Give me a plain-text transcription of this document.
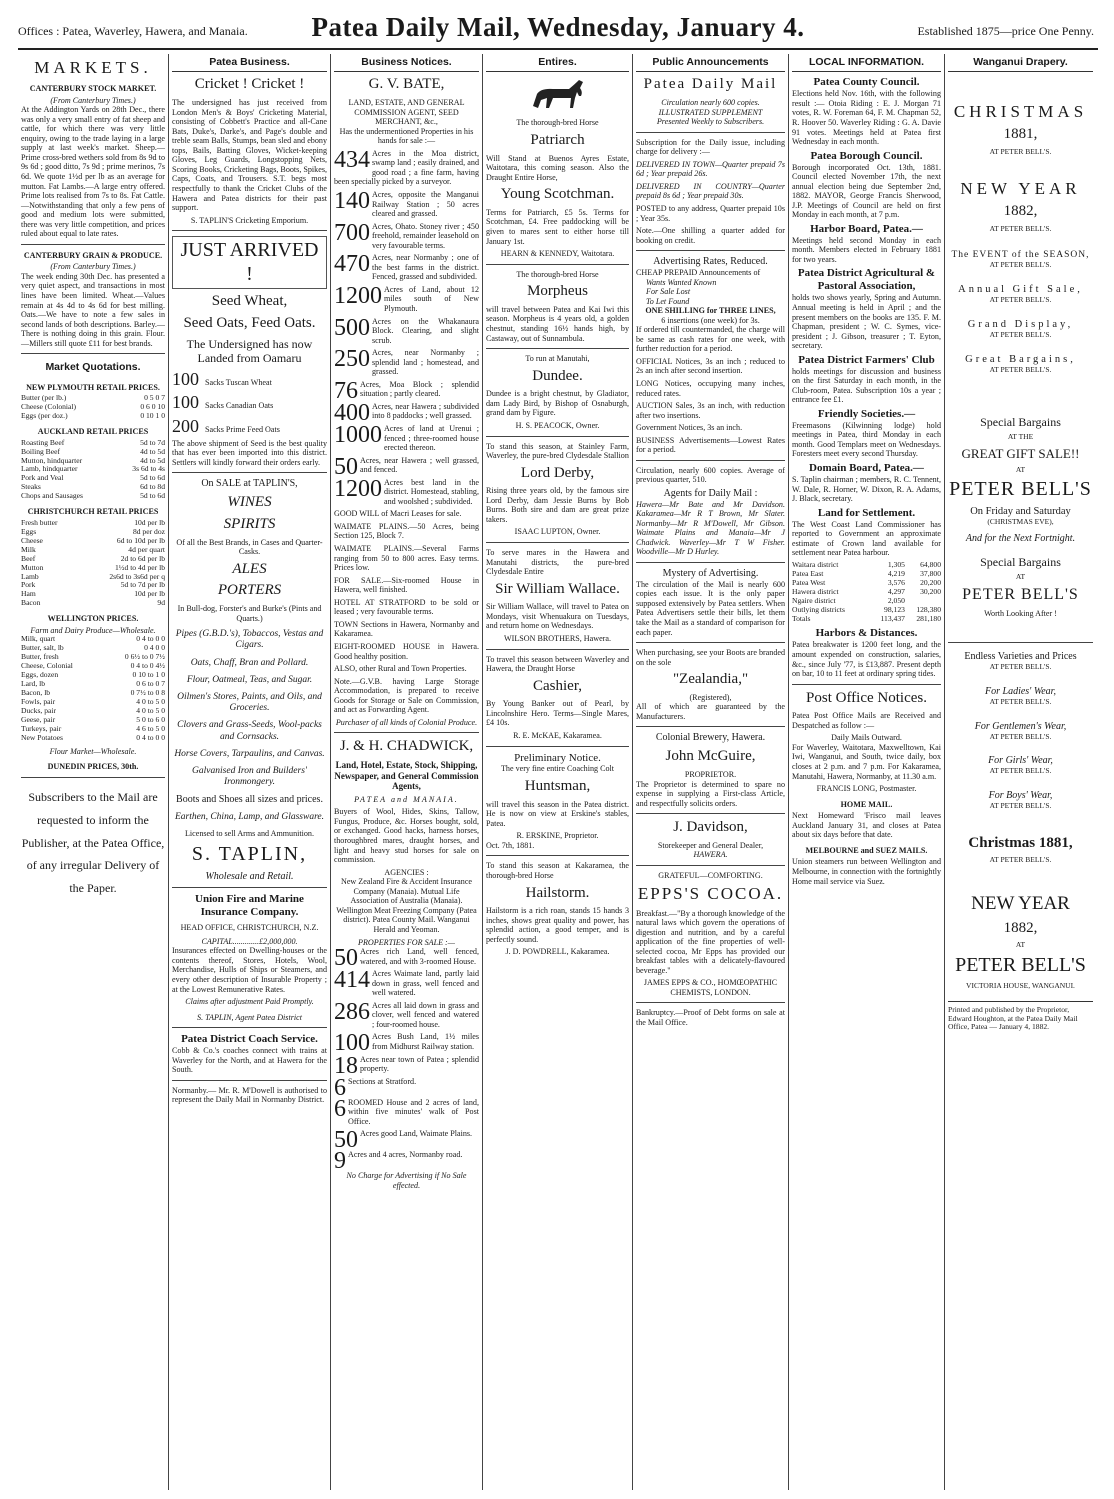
Offices : Patea, Waverley, Hawera, and Manaia.	Patea Daily Mail, Wednesday, January 4.	Established 1875—price One Penny.
MARKETS.
CANTERBURY STOCK MARKET.
(From Canterbury Times.)

At the Addington Yards on 28th Dec., there was only a very small entry of fat sheep and cattle, for which there was very little enquiry, owing to the trade laying in a large supply at last week's market. Sheep.—Prime cross-bred wethers sold from 8s 9d to 9s 6d ; good ditto, 7s 9d ; prime merinos, 7s 6d. We quote 1½d per lb as an average for mutton. Fat Lambs.—A large entry offered. Prime lots realised from 7s to 8s. Fat Cattle.—Notwithstanding that only a few pens of good and medium lots were submitted, there was very little competition, and prices ruled about equal to late rates.

CANTERBURY GRAIN & PRODUCE.
(From Canterbury Times.)

The week ending 30th Dec. has presented a very quiet aspect, and transactions in most lines have been limited. Wheat.—Values remain at 4s 4d to 4s 6d for best milling. Oats.—We have to note a few sales in second lands of both descriptions. Barley.—There is nothing doing in this grain. Flour.—Millers still quote £11 for best brands.

Market Quotations.
NEW PLYMOUTH RETAIL PRICES.
Butter (per lb.)	0 5 0 7
Cheese (Colonial)	0 6 0 10
Eggs (per doz.)	0 10 1 0
AUCKLAND RETAIL PRICES
Roasting Beef	5d to 7d
Boiling Beef	4d to 5d
Mutton, hindquarter	4d to 5d
Lamb, hindquarter	3s 6d to 4s
Pork and Veal	5d to 6d
Steaks	6d to 8d
Chops and Sausages	5d to 6d
CHRISTCHURCH RETAIL PRICES
Fresh butter	10d per lb
Eggs	8d per doz
Cheese	6d to 10d per lb
Milk	4d per quart
Beef	2d to 6d per lb
Mutton	1½d to 4d per lb
Lamb	2s6d to 3s6d per q
Pork	5d to 7d per lb
Ham	10d per lb
Bacon	9d
WELLINGTON PRICES.
Farm and Dairy Produce—Wholesale.
Milk, quart	0 4 to 0 0
Butter, salt, lb	0 4 0 0
Butter, fresh	0 6½ to 0 7½
Cheese, Colonial	0 4 to 0 4½
Eggs, dozen	0 10 to 1 0
Lard, lb	0 6 to 0 7
Bacon, lb	0 7½ to 0 8
Fowls, pair	4 0 to 5 0
Ducks, pair	4 0 to 5 0
Geese, pair	5 0 to 6 0
Turkeys, pair	4 6 to 5 0
New Potatoes	0 4 to 0 0
Flour Market—Wholesale.
DUNEDIN PRICES, 30th.
Subscribers to the Mail are requested to inform the Publisher, at the Patea Office, of any irregular Delivery of the Paper.
Patea Business.
Cricket ! Cricket !

The undersigned has just received from London Men's & Boys' Cricketing Material, consisting of Cobbett's Practice and all-Cane Bats, Duke's, Darke's, and Page's double and treble seam Balls, Stumps, bean sled and ebony tops, Bails, Batting Gloves, Wicket-keeping Gloves, Leg Guards, Longstopping Nets, Scoring Books, Cricketing Bags, Boots, Spikes, Caps, Coats, and Trousers. S.T. begs most respectfully to thank the Cricket Clubs of the Hawera and Patea districts for their past support.

S. TAPLIN'S Cricketing Emporium.
JUST ARRIVED !
Seed Wheat,
Seed Oats, Feed Oats.
The Undersigned has now Landed from Oamaru
100 Sacks Tuscan Wheat
100 Sacks Canadian Oats
200 Sacks Prime Feed Oats

The above shipment of Seed is the best quality that has ever been imported into this district. Settlers will kindly forward their orders early.

On SALE at TAPLIN'S,
WINES
SPIRITS
Of all the Best Brands, in Cases and Quarter-Casks.
ALES
PORTERS
In Bull-dog, Forster's and Burke's (Pints and Quarts.)
Pipes (G.B.D.'s), Tobaccos, Vestas and Cigars.
Oats, Chaff, Bran and Pollard.
Flour, Oatmeal, Teas, and Sugar.
Oilmen's Stores, Paints, and Oils, and Groceries.
Clovers and Grass-Seeds, Wool-packs and Cornsacks.
Horse Covers, Tarpaulins, and Canvas.
Galvanised Iron and Builders' Ironmongery.
Boots and Shoes all sizes and prices.
Earthen, China, Lamp, and Glassware.
Licensed to sell Arms and Ammunition.
S. TAPLIN,
Wholesale and Retail.
Union Fire and Marine Insurance Company.
HEAD OFFICE, CHRISTCHURCH, N.Z.
CAPITAL.............£2,000,000.

Insurances effected on Dwelling-houses or the contents thereof, Stores, Hotels, Wool, Merchandise, Hulls of Ships or Steamers, and every other description of Insurable Property ; at the Lowest Remunerative Rates.

Claims after adjustment Paid Promptly.
S. TAPLIN, Agent Patea District
Patea District Coach Service.

Cobb & Co.'s coaches connect with trains at Waverley for the North, and at Hawera for the South.

Normanby.— Mr. R. M'Dowell is authorised to represent the Daily Mail in Normanby District.

Business Notices.
G. V. BATE,
LAND, ESTATE, AND GENERAL COMMISSION AGENT, SEED MERCHANT, &c.,
Has the undermentioned Properties in his hands for sale :—

434 Acres in the Moa district, swamp land ; easily drained, and good road ; a fine farm, having been specially picked by a surveyor.

140 Acres, opposite the Manganui Railway Station ; 50 acres cleared and grassed.

700 Acres, Ohato. Stoney river ; 450 freehold, remainder leasehold on very favourable terms.

470 Acres, near Normanby ; one of the best farms in the district. Fenced, grassed and subdivided.

1200 Acres of Land, about 12 miles south of New Plymouth.

500 Acres on the Whakanaura Block. Clearing, and slight scrub.

250 Acres, near Normanby ; splendid land ; homestead, and grassed.

76 Acres, Moa Block ; splendid situation ; partly cleared.

400 Acres, near Hawera ; subdivided into 8 paddocks ; well grassed.

1000 Acres of land at Urenui ; fenced ; three-roomed house erected thereon.

50 Acres, near Hawera ; well grassed, and fenced.

1200 Acres best land in the district. Homestead, stabling, and woolshed ; subdivided.

GOOD WILL of Macri Leases for sale.

WAIMATE PLAINS.—50 Acres, being Section 125, Block 7.

WAIMATE PLAINS.—Several Farms ranging from 50 to 800 acres. Easy terms. Prices low.

FOR SALE.—Six-roomed House in Hawera, well finished.

HOTEL AT STRATFORD to be sold or leased ; very favourable terms.

TOWN Sections in Hawera, Normanby and Kakaramea.

EIGHT-ROOMED HOUSE in Hawera. Good healthy position.

ALSO, other Rural and Town Properties.

Note.—G.V.B. having Large Storage Accommodation, is prepared to receive Goods for Storage or Sale on Commission, and act as Forwarding Agent.

Purchaser of all kinds of Colonial Produce.
J. & H. CHADWICK,
Land, Hotel, Estate, Stock, Shipping, Newspaper, and General Commission Agents,
PATEA and MANAIA.

Buyers of Wool, Hides, Skins, Tallow, Fungus, Produce, &c. Horses bought, sold, or exchanged. Good hacks, harness horses, thoroughbred mares, draught horses, and light and heavy stud horses for sale on commission.

AGENCIES :

New Zealand Fire & Accident Insurance Company (Manaia). Mutual Life Association of Australia (Manaia). Wellington Meat Freezing Company (Patea district). Patea County Mail. Wanganui Herald and Yeoman.

PROPERTIES FOR SALE :—

50 Acres rich Land, well fenced, watered, and with 3-roomed House.

414 Acres Waimate land, partly laid down in grass, well fenced and well watered.

286 Acres all laid down in grass and clover, well fenced and watered ; four-roomed house.

100 Acres Bush Land, 1½ miles from Midhurst Railway station.

18 Acres near town of Patea ; splendid property.

6 Sections at Stratford.

6 ROOMED House and 2 acres of land, within five minutes' walk of Post Office.

50 Acres good Land, Waimate Plains.

9 Acres and 4 acres, Normanby road.

No Charge for Advertising if No Sale effected.
Entires.
The thorough-bred Horse
Patriarch

Will Stand at Buenos Ayres Estate, Waitotara, this coming season. Also the Draught Entire Horse,

Young Scotchman.

Terms for Patriarch, £5 5s. Terms for Scotchman, £4. Free paddocking will be given to mares sent to either horse till January 1st.

HEARN & KENNEDY, Waitotara.
The thorough-bred Horse
Morpheus

will travel between Patea and Kai Iwi this season. Morpheus is 4 years old, a golden chestnut, standing 16½ hands high, by Castaway, out of Sunnambula.

To run at Manutahi,
Dundee.

Dundee is a bright chestnut, by Gladiator, dam Lady Bird, by Bishop of Osnaburgh, grand dam by Figure.

H. S. PEACOCK, Owner.

To stand this season, at Stainley Farm, Waverley, the pure-bred Clydesdale Stallion

Lord Derby,

Rising three years old, by the famous sire Lord Derby, dam Jessie Burns by Bob Burns. Both sire and dam are great prize takers.

ISAAC LUPTON, Owner.

To serve mares in the Hawera and Manutahi districts, the pure-bred Clydesdale Entire

Sir William Wallace.

Sir William Wallace, will travel to Patea on Mondays, visit Whenuakura on Tuesdays, and return home on Wednesdays.

WILSON BROTHERS, Hawera.

To travel this season between Waverley and Hawera, the Draught Horse

Cashier,

By Young Banker out of Pearl, by Lincolnshire Hero. Terms—Single Mares, £4 10s.

R. E. McKAE, Kakaramea.
Preliminary Notice.
The very fine entire Coaching Colt
Huntsman,

will travel this season in the Patea district. He is now on view at Erskine's stables, Patea.

R. ERSKINE, Proprietor.
Oct. 7th, 1881.

To stand this season at Kakaramea, the thorough-bred Horse

Hailstorm.

Hailstorm is a rich roan, stands 15 hands 3 inches, shows great quality and power, has splendid action, a good temper, and is perfectly sound.

J. D. POWDRELL, Kakaramea.
Public Announcements
Patea Daily Mail
Circulation nearly 600 copies.
ILLUSTRATED SUPPLEMENT
Presented Weekly to Subscribers.

Subscription for the Daily issue, including charge for delivery :—

DELIVERED IN TOWN—Quarter prepaid 7s 6d ; Year prepaid 26s.

DELIVERED IN COUNTRY—Quarter prepaid 8s 6d ; Year prepaid 30s.

POSTED to any address, Quarter prepaid 10s ; Year 35s.

Note.—One shilling a quarter added for booking on credit.

Advertising Rates, Reduced.
CHEAP PREPAID Announcements of
Wants Wanted Known
For Sale Lost
To Let Found
ONE SHILLING for THREE LINES,
6 insertions (one week) for 3s.

If ordered till countermanded, the charge will be same as cash rates for one week, with further reduction for a period.

OFFICIAL Notices, 3s an inch ; reduced to 2s an inch after second insertion.

LONG Notices, occupying many inches, reduced rates.

AUCTION Sales, 3s an inch, with reduction after two insertions.

Government Notices, 3s an inch.

BUSINESS Advertisements—Lowest Rates for a period.

Circulation, nearly 600 copies. Average of previous quarter, 510.

Agents for Daily Mail :

Hawera—Mr Bate and Mr Davidson. Kakaramea—Mr R T Brown, Mr Slater. Normanby—Mr R M'Dowell, Mr Gibson. Waimate Plains and Manaia—Mr J Chadwick. Waverley—Mr T W Fisher. Woodville—Mr D Hurley.

Mystery of Advertising.

The circulation of the Mail is nearly 600 copies each issue. It is the only paper supposed extensively by Patea settlers. When Patea Advertisers settle their bills, let them take the Mail as a standard of comparison for each paper.

When purchasing, see your Boots are branded on the sole

"Zealandia,"
(Registered),

All of which are guaranteed by the Manufacturers.

Colonial Brewery, Hawera.
John McGuire,
PROPRIETOR.

The Proprietor is determined to spare no expense in supplying a First-class Article, and respectfully solicits orders.

J. Davidson,
Storekeeper and General Dealer,
HAWERA.
GRATEFUL—COMFORTING.
EPPS'S COCOA.

Breakfast.—"By a thorough knowledge of the natural laws which govern the operations of digestion and nutrition, and by a careful application of the fine properties of well-selected cocoa, Mr Epps has provided our breakfast tables with a delicately-flavoured beverage."

JAMES EPPS & CO., HOMŒOPATHIC CHEMISTS, LONDON.

Bankruptcy.—Proof of Debt forms on sale at the Mail Office.

LOCAL INFORMATION.
Patea County Council.

Elections held Nov. 16th, with the following result :— Otoia Riding : E. J. Morgan 71 votes, R. W. Foreman 64, F. M. Chapman 52, R. Hoover 50. Waverley Riding : G. A. Davie 91 votes. Meetings held at Patea first Wednesday in each month.

Patea Borough Council.

Borough incorporated Oct. 13th, 1881. Council elected November 17th, the next annual election being due September 2nd, 1882. MAYOR, George Francis Sherwood, J.P. Meetings of Council are held on first Monday in each month, at 7 p.m.

Harbor Board, Patea.—

Meetings held second Monday in each month. Members elected in February 1881 for two years.

Patea District Agricultural & Pastoral Association,

holds two shows yearly, Spring and Autumn. Annual meeting is held in April ; and the present members on the books are 135. F. M. Chapman, president ; W. C. Symes, vice-president ; J. Gibson, treasurer ; T. Eyton, secretary.

Patea District Farmers' Club

holds meetings for discussion and business on the first Saturday in each month, in the Club-room, Patea. Subscription 10s a year ; entrance fee £1.

Friendly Societies.—

Freemasons (Kilwinning lodge) hold meetings in Patea, third Monday in each month. Good Templars meet on Wednesdays. Foresters meet every second Thursday.

Domain Board, Patea.—

S. Taplin chairman ; members, R. C. Tennent, W. Dale, R. Horner, W. Dixon, R. A. Adams, J. Black, secretary.

Land for Settlement.

The West Coast Land Commissioner has reported to Government an approximate estimate of Crown land available for settlement near Patea harbour.

Waitara district	1,305	64,800
Patea East	4,219	37,800
Patea West	3,576	20,200
Hawera district	4,297	30,200
Ngaire district	2,050	
Outlying districts	98,123	128,380
Totals	113,437	281,180
Harbors & Distances.

Patea breakwater is 1200 feet long, and the amount expended on construction, salaries, &c., since July '77, is £13,887. Present depth on bar, 10 to 11 feet at ordinary spring tides.

Post Office Notices.

Patea Post Office Mails are Received and Despatched as follow :—

Daily Mails Outward.

For Waverley, Waitotara, Maxwelltown, Kai Iwi, Wanganui, and South, twice daily, box closes at 2 p.m. and 7 p.m. For Kakaramea, Manutahi, Hawera, Normanby, at 11.30 a.m.

FRANCIS LONG, Postmaster.
HOME MAIL.

Next Homeward 'Frisco mail leaves Auckland January 31, and closes at Patea about six days before that date.

MELBOURNE and SUEZ MAILS.

Union steamers run between Wellington and Melbourne, in connection with the fortnightly Home mail service via Suez.

Wanganui Drapery.
CHRISTMAS
1881,
AT PETER BELL'S.
NEW YEAR
1882,
AT PETER BELL'S.
The EVENT of the SEASON,
AT PETER BELL'S.
Annual Gift Sale,
AT PETER BELL'S.
Grand Display,
AT PETER BELL'S.
Great Bargains,
AT PETER BELL'S.
Special Bargains
AT THE
GREAT GIFT SALE!!
AT
PETER BELL'S
On Friday and Saturday
(CHRISTMAS EVE),
And for the Next Fortnight.
Special Bargains
AT
PETER BELL'S
Worth Looking After !
Endless Varieties and Prices
AT PETER BELL'S.
For Ladies' Wear,
AT PETER BELL'S.
For Gentlemen's Wear,
AT PETER BELL'S.
For Girls' Wear,
AT PETER BELL'S.
For Boys' Wear,
AT PETER BELL'S.
Christmas 1881,
AT PETER BELL'S.
NEW YEAR
1882,
AT
PETER BELL'S
VICTORIA HOUSE, WANGANUI.
Printed and published by the Proprietor, Edward Houghton, at the Patea Daily Mail Office, Patea — January 4, 1882.
